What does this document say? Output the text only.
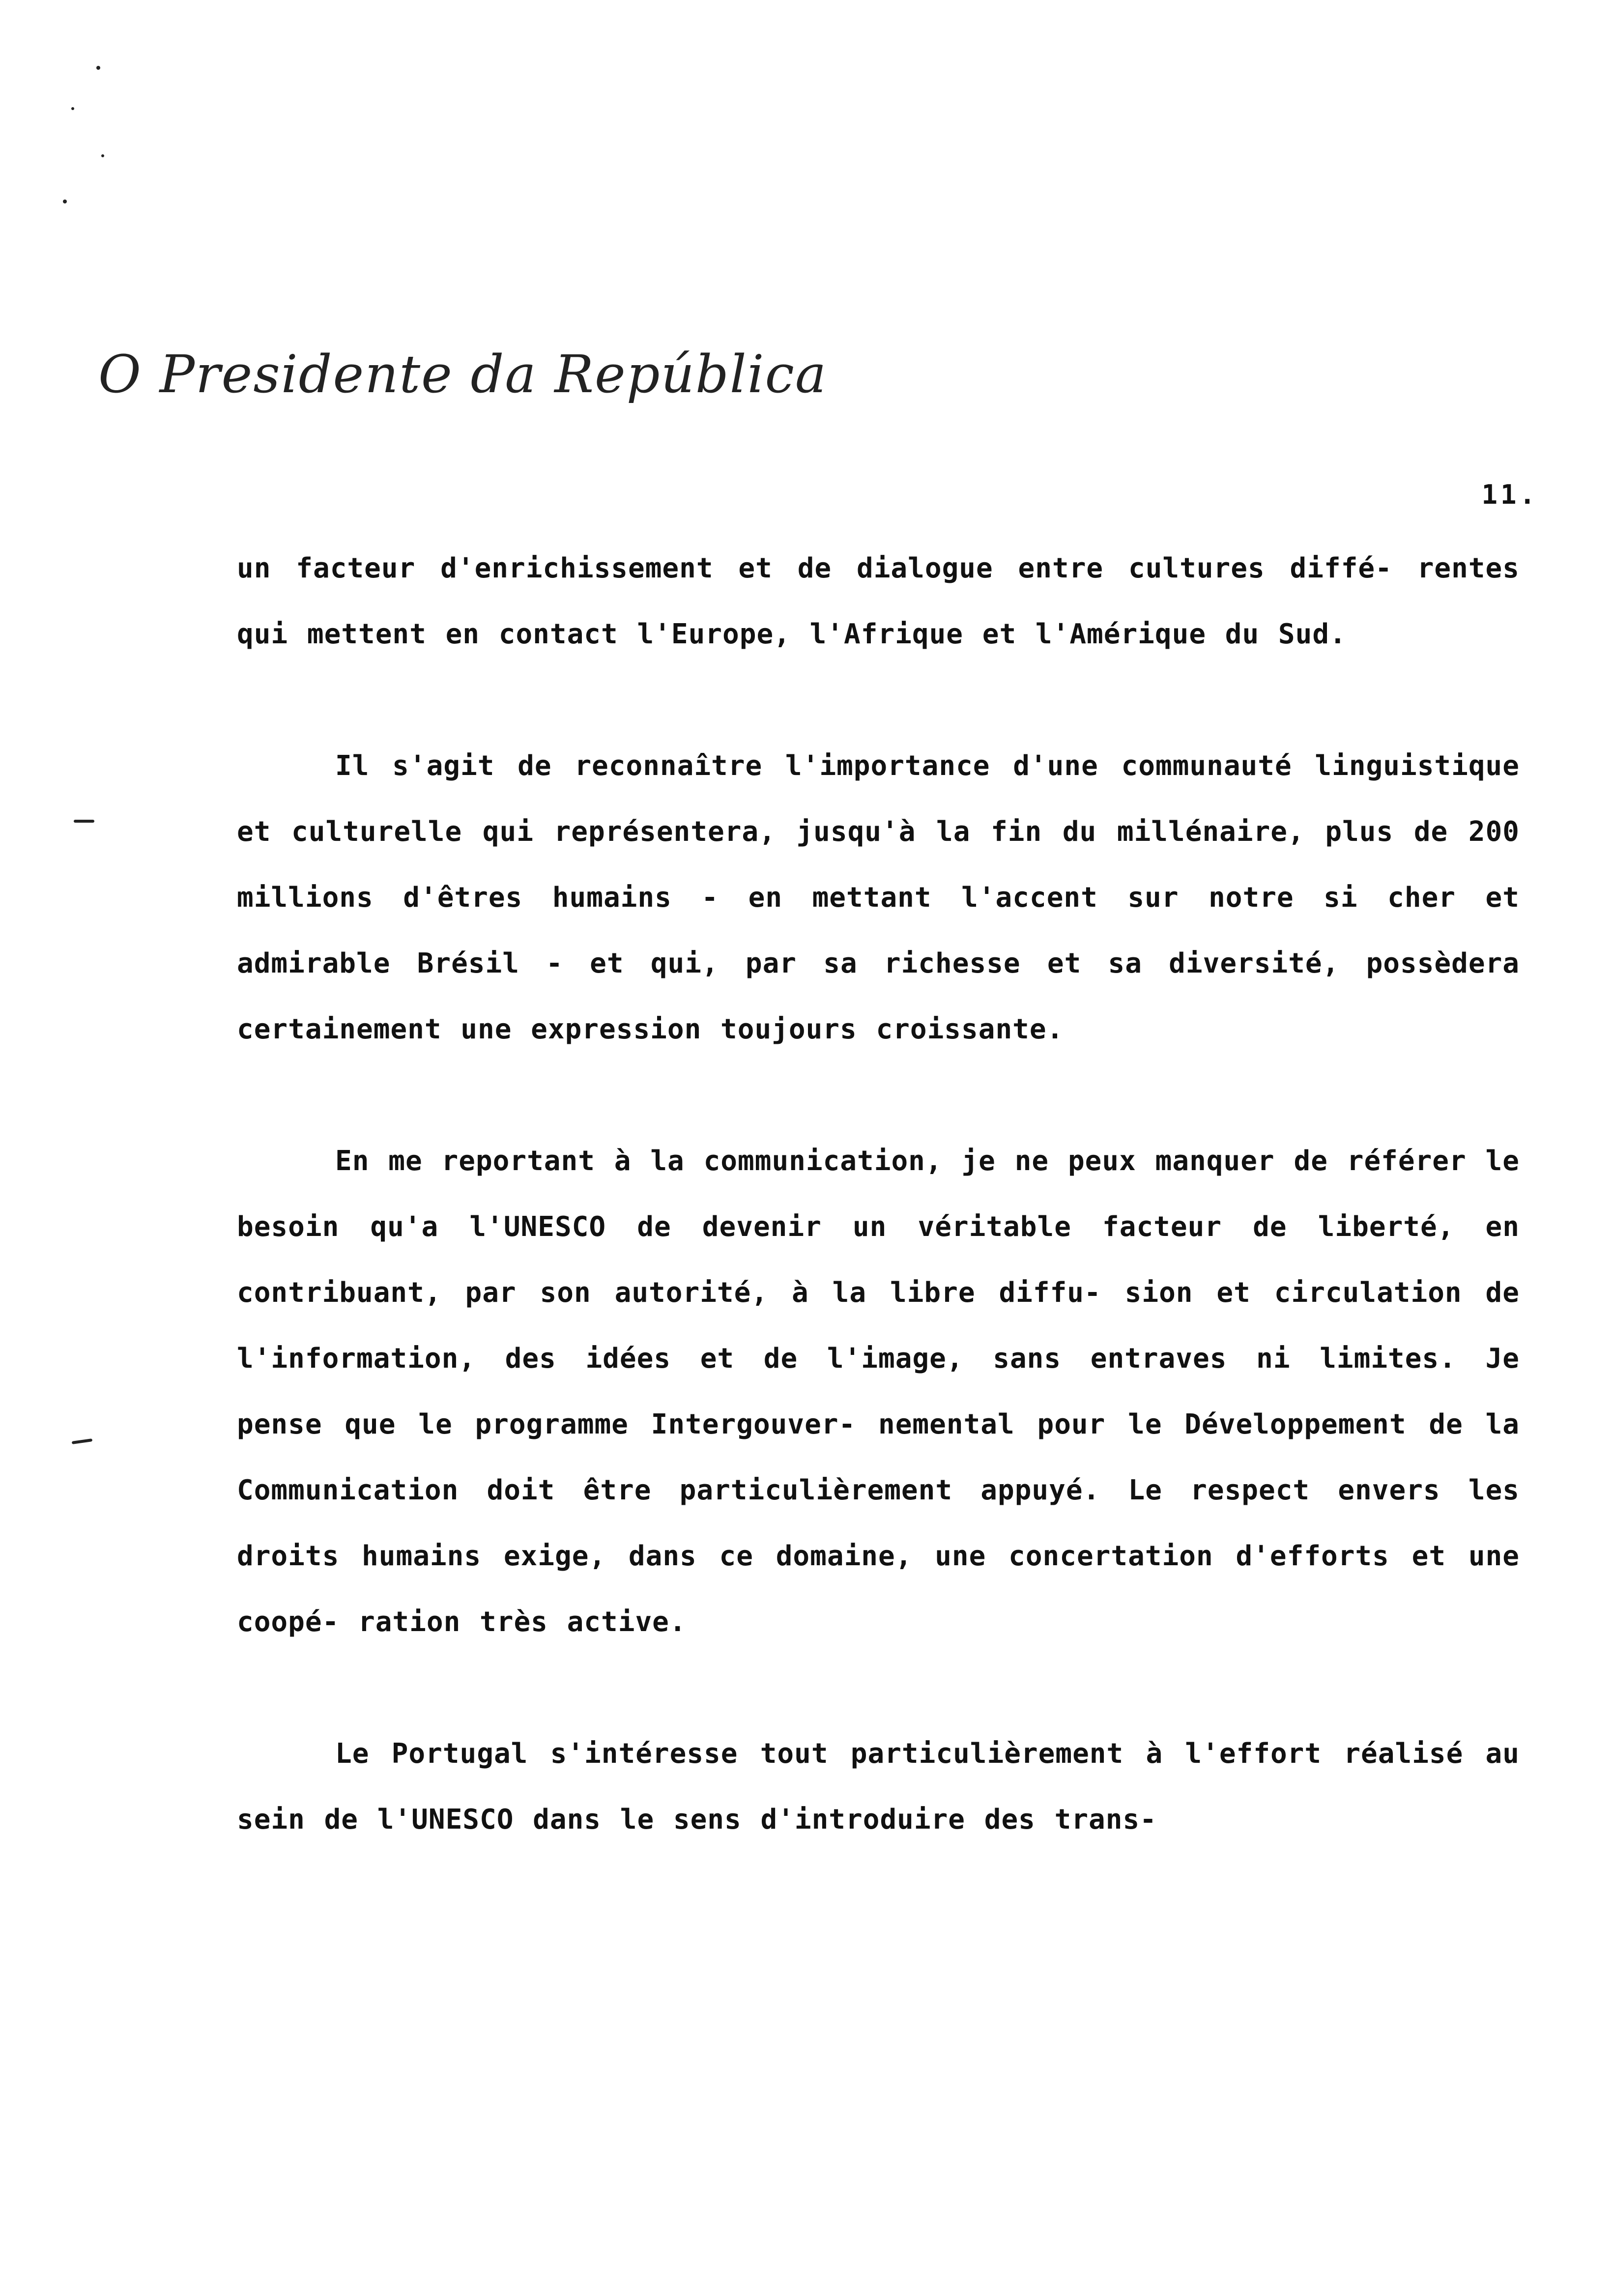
O Presidente da República
11.

un facteur d'enrichissement et de dialogue entre cultures diffé- rentes qui mettent en contact l'Europe, l'Afrique et l'Amérique du Sud.

Il s'agit de reconnaître l'importance d'une communauté linguistique et culturelle qui représentera, jusqu'à la fin du millénaire, plus de 200 millions d'êtres humains - en mettant l'accent sur notre si cher et admirable Brésil - et qui, par sa richesse et sa diversité, possèdera certainement une expression toujours croissante.

En me reportant à la communication, je ne peux manquer de référer le besoin qu'a l'UNESCO de devenir un véritable facteur de liberté, en contribuant, par son autorité, à la libre diffu- sion et circulation de l'information, des idées et de l'image, sans entraves ni limites. Je pense que le programme Intergouver- nemental pour le Développement de la Communication doit être particulièrement appuyé. Le respect envers les droits humains exige, dans ce domaine, une concertation d'efforts et une coopé- ration très active.

Le Portugal s'intéresse tout particulièrement à l'effort réalisé au sein de l'UNESCO dans le sens d'introduire des trans-
